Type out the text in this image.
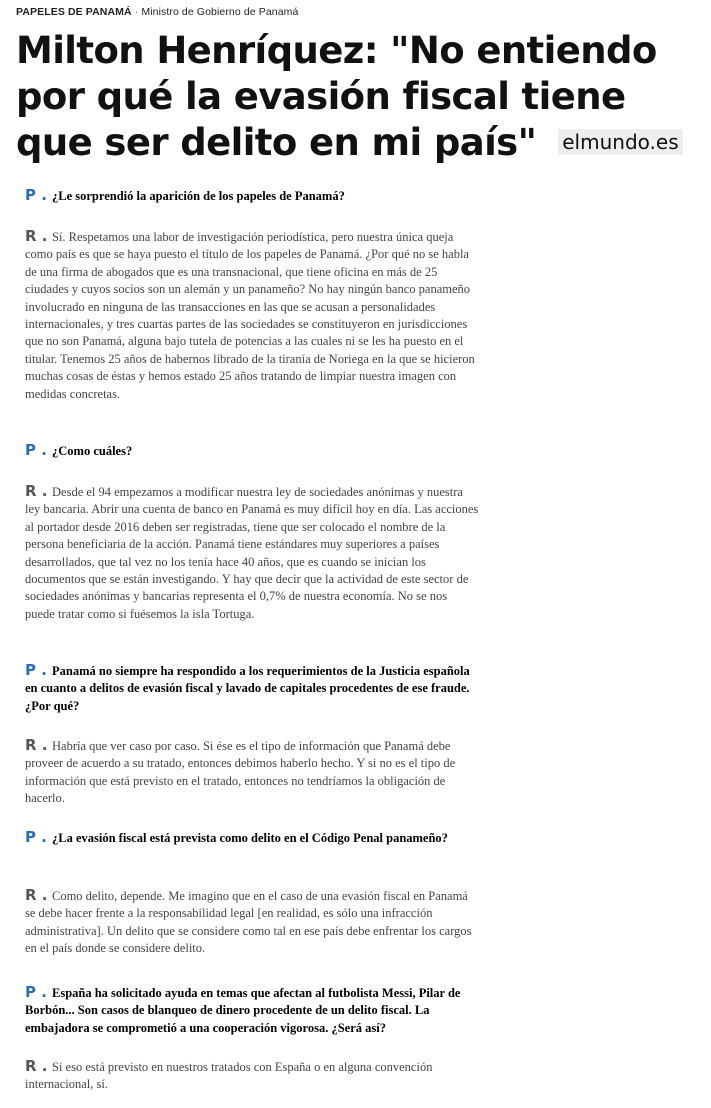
PAPELES DE PANAMÁ · Ministro de Gobierno de Panamá
Milton Henríquez: "No entiendo por qué la evasión fiscal tiene que ser delito en mi país" elmundo.es

P . ¿Le sorprendió la aparición de los papeles de Panamá?

R . Sí. Respetamos una labor de investigación periodística, pero nuestra única queja como país es que se haya puesto el título de los papeles de Panamá. ¿Por qué no se habla de una firma de abogados que es una transnacional, que tiene oficina en más de 25 ciudades y cuyos socios son un alemán y un panameño? No hay ningún banco panameño involucrado en ninguna de las transacciones en las que se acusan a personalidades internacionales, y tres cuartas partes de las sociedades se constituyeron en jurisdicciones que no son Panamá, alguna bajo tutela de potencias a las cuales ni se les ha puesto en el titular. Tenemos 25 años de habernos librado de la tiranía de Noriega en la que se hicieron muchas cosas de éstas y hemos estado 25 años tratando de limpiar nuestra imagen con medidas concretas.

P . ¿Como cuáles?

R . Desde el 94 empezamos a modificar nuestra ley de sociedades anónimas y nuestra ley bancaria. Abrir una cuenta de banco en Panamá es muy difícil hoy en día. Las acciones al portador desde 2016 deben ser registradas, tiene que ser colocado el nombre de la persona beneficiaria de la acción. Panamá tiene estándares muy superiores a países desarrollados, que tal vez no los tenía hace 40 años, que es cuando se inician los documentos que se están investigando. Y hay que decir que la actividad de este sector de sociedades anónimas y bancarias representa el 0,7% de nuestra economía. No se nos puede tratar como si fuésemos la isla Tortuga.

P . Panamá no siempre ha respondido a los requerimientos de la Justicia española en cuanto a delitos de evasión fiscal y lavado de capitales procedentes de ese fraude. ¿Por qué?

R . Habría que ver caso por caso. Si ése es el tipo de información que Panamá debe proveer de acuerdo a su tratado, entonces debimos haberlo hecho. Y si no es el tipo de información que está previsto en el tratado, entonces no tendríamos la obligación de hacerlo.

P . ¿La evasión fiscal está prevista como delito en el Código Penal panameño?

R . Como delito, depende. Me imagino que en el caso de una evasión fiscal en Panamá se debe hacer frente a la responsabilidad legal [en realidad, es sólo una infracción administrativa]. Un delito que se considere como tal en ese país debe enfrentar los cargos en el país donde se considere delito.

P . España ha solicitado ayuda en temas que afectan al futbolista Messi, Pilar de Borbón... Son casos de blanqueo de dinero procedente de un delito fiscal. La embajadora se comprometió a una cooperación vigorosa. ¿Será así?

R . Si eso está previsto en nuestros tratados con España o en alguna convención internacional, sí.
